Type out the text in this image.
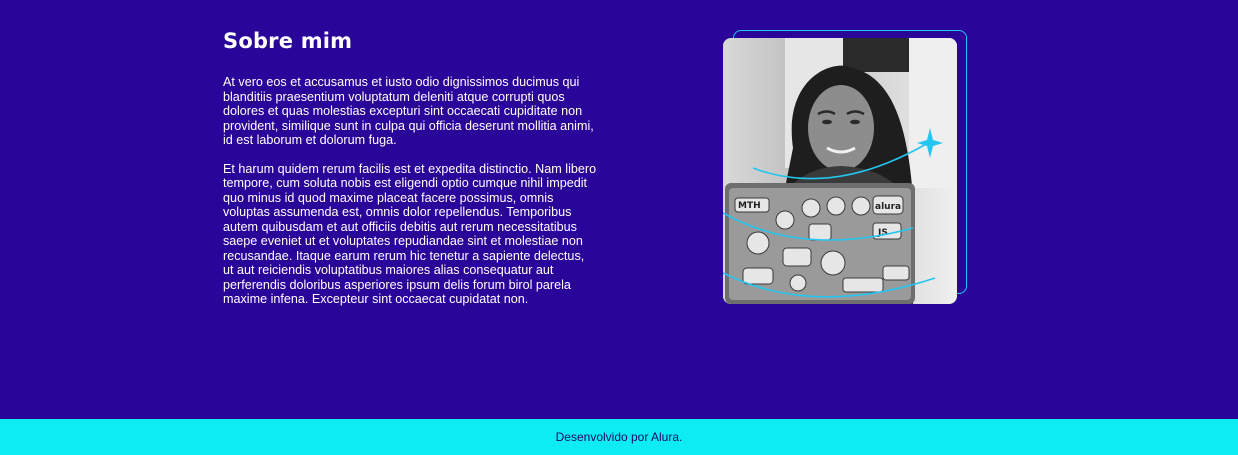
Sobre mim

At vero eos et accusamus et iusto odio dignissimos ducimus qui blanditiis praesentium voluptatum deleniti atque corrupti quos dolores et quas molestias excepturi sint occaecati cupiditate non provident, similique sunt in culpa qui officia deserunt mollitia animi, id est laborum et dolorum fuga.

Et harum quidem rerum facilis est et expedita distinctio. Nam libero tempore, cum soluta nobis est eligendi optio cumque nihil impedit quo minus id quod maxime placeat facere possimus, omnis voluptas assumenda est, omnis dolor repellendus. Temporibus autem quibusdam et aut officiis debitis aut rerum necessitatibus saepe eveniet ut et voluptates repudiandae sint et molestiae non recusandae. Itaque earum rerum hic tenetur a sapiente delectus, ut aut reiciendis voluptatibus maiores alias consequatur aut perferendis doloribus asperiores ipsum delis forum birol parela maxime infena. Excepteur sint occaecat cupidatat non.

MTH	alura
JS
Desenvolvido por Alura.
